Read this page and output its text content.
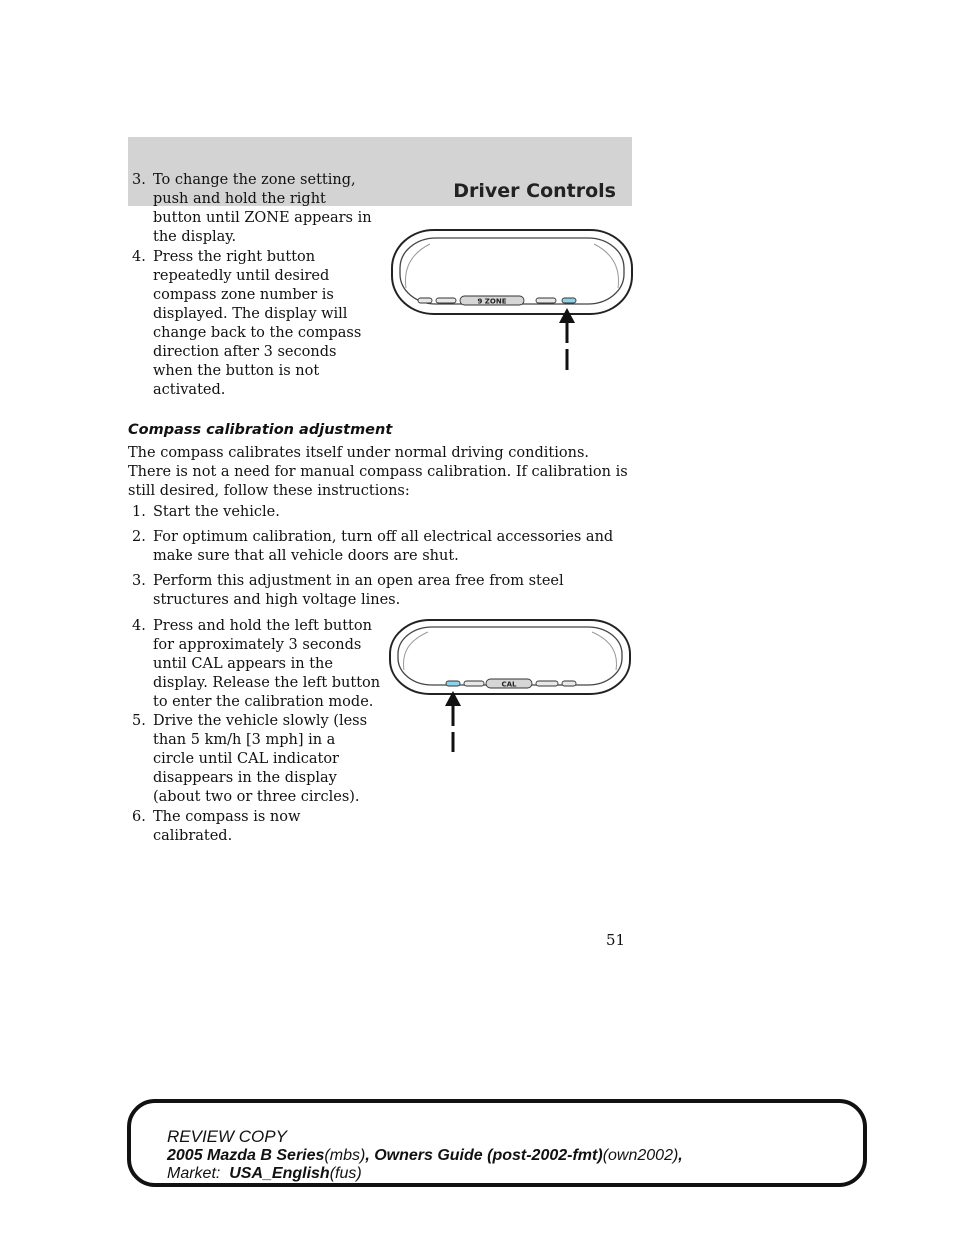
Driver Controls
3. To change the zone setting, push and hold the right button until ZONE appears in the display.
4. Press the right button repeatedly until desired compass zone number is displayed. The display will change back to the compass direction after 3 seconds when the button is not activated.
9 ZONE
Compass calibration adjustment
The compass calibrates itself under normal driving conditions. There is not a need for manual compass calibration. If calibration is still desired, follow these instructions:
1. Start the vehicle.
2. For optimum calibration, turn off all electrical accessories and make sure that all vehicle doors are shut.
3. Perform this adjustment in an open area free from steel structures and high voltage lines.
4. Press and hold the left button for approximately 3 seconds until CAL appears in the display. Release the left button to enter the calibration mode.
5. Drive the vehicle slowly (less than 5 km/h [3 mph] in a circle until CAL indicator disappears in the display (about two or three circles).
6. The compass is now calibrated.
CAL
51
REVIEW COPY
2005 Mazda B Series(mbs), Owners Guide (post-2002-fmt)(own2002),
Market: USA_English(fus)
